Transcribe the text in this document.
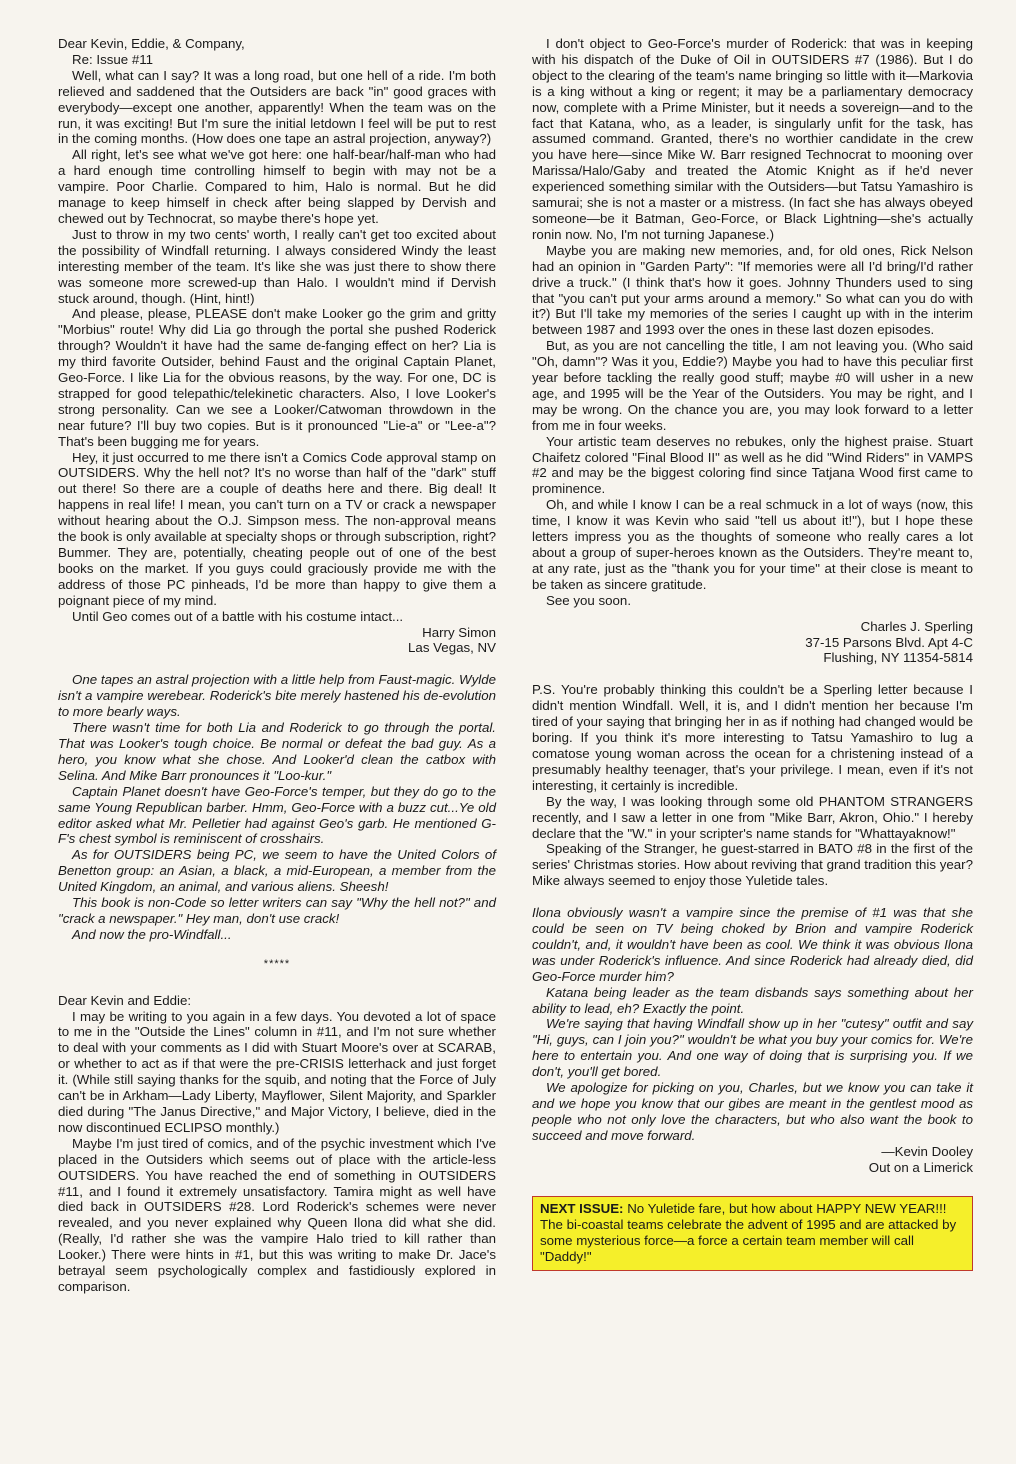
Dear Kevin, Eddie, & Company,

Re: Issue #11

Well, what can I say? It was a long road, but one hell of a ride. I'm both relieved and saddened that the Outsiders are back "in" good graces with everybody—except one another, apparently! When the team was on the run, it was exciting! But I'm sure the initial letdown I feel will be put to rest in the coming months. (How does one tape an astral projection, anyway?)

All right, let's see what we've got here: one half-bear/half-man who had a hard enough time controlling himself to begin with may not be a vampire. Poor Charlie. Compared to him, Halo is normal. But he did manage to keep himself in check after being slapped by Dervish and chewed out by Technocrat, so maybe there's hope yet.

Just to throw in my two cents' worth, I really can't get too excited about the possibility of Windfall returning. I always considered Windy the least interesting member of the team. It's like she was just there to show there was someone more screwed-up than Halo. I wouldn't mind if Dervish stuck around, though. (Hint, hint!)

And please, please, PLEASE don't make Looker go the grim and gritty "Morbius" route! Why did Lia go through the portal she pushed Roderick through? Wouldn't it have had the same de-fanging effect on her? Lia is my third favorite Outsider, behind Faust and the original Captain Planet, Geo-Force. I like Lia for the obvious reasons, by the way. For one, DC is strapped for good telepathic/telekinetic characters. Also, I love Looker's strong personality. Can we see a Looker/Catwoman throwdown in the near future? I'll buy two copies. But is it pronounced "Lie-a" or "Lee-a"? That's been bugging me for years.

Hey, it just occurred to me there isn't a Comics Code approval stamp on OUTSIDERS. Why the hell not? It's no worse than half of the "dark" stuff out there! So there are a couple of deaths here and there. Big deal! It happens in real life! I mean, you can't turn on a TV or crack a newspaper without hearing about the O.J. Simpson mess. The non-approval means the book is only available at specialty shops or through subscription, right? Bummer. They are, potentially, cheating people out of one of the best books on the market. If you guys could graciously provide me with the address of those PC pinheads, I'd be more than happy to give them a poignant piece of my mind.

Until Geo comes out of a battle with his costume intact...

Harry Simon

Las Vegas, NV

One tapes an astral projection with a little help from Faust-magic. Wylde isn't a vampire werebear. Roderick's bite merely hastened his de-evolution to more bearly ways.

There wasn't time for both Lia and Roderick to go through the portal. That was Looker's tough choice. Be normal or defeat the bad guy. As a hero, you know what she chose. And Looker'd clean the catbox with Selina. And Mike Barr pronounces it "Loo-kur."

Captain Planet doesn't have Geo-Force's temper, but they do go to the same Young Republican barber. Hmm, Geo-Force with a buzz cut...Ye old editor asked what Mr. Pelletier had against Geo's garb. He mentioned G-F's chest symbol is reminiscent of crosshairs.

As for OUTSIDERS being PC, we seem to have the United Colors of Benetton group: an Asian, a black, a mid-European, a member from the United Kingdom, an animal, and various aliens. Sheesh!

This book is non-Code so letter writers can say "Why the hell not?" and "crack a newspaper." Hey man, don't use crack!

And now the pro-Windfall...

*****

Dear Kevin and Eddie:

I may be writing to you again in a few days. You devoted a lot of space to me in the "Outside the Lines" column in #11, and I'm not sure whether to deal with your comments as I did with Stuart Moore's over at SCARAB, or whether to act as if that were the pre-CRISIS letterhack and just forget it. (While still saying thanks for the squib, and noting that the Force of July can't be in Arkham—Lady Liberty, Mayflower, Silent Majority, and Sparkler died during "The Janus Directive," and Major Victory, I believe, died in the now discontinued ECLIPSO monthly.)

Maybe I'm just tired of comics, and of the psychic investment which I've placed in the Outsiders which seems out of place with the article-less OUTSIDERS. You have reached the end of something in OUTSIDERS #11, and I found it extremely unsatisfactory. Tamira might as well have died back in OUTSIDERS #28. Lord Roderick's schemes were never revealed, and you never explained why Queen Ilona did what she did. (Really, I'd rather she was the vampire Halo tried to kill rather than Looker.) There were hints in #1, but this was writing to make Dr. Jace's betrayal seem psychologically complex and fastidiously explored in comparison.

I don't object to Geo-Force's murder of Roderick: that was in keeping with his dispatch of the Duke of Oil in OUTSIDERS #7 (1986). But I do object to the clearing of the team's name bringing so little with it—Markovia is a king without a king or regent; it may be a parliamentary democracy now, complete with a Prime Minister, but it needs a sovereign—and to the fact that Katana, who, as a leader, is singularly unfit for the task, has assumed command. Granted, there's no worthier candidate in the crew you have here—since Mike W. Barr resigned Technocrat to mooning over Marissa/Halo/Gaby and treated the Atomic Knight as if he'd never experienced something similar with the Outsiders—but Tatsu Yamashiro is samurai; she is not a master or a mistress. (In fact she has always obeyed someone—be it Batman, Geo-Force, or Black Lightning—she's actually ronin now. No, I'm not turning Japanese.)

Maybe you are making new memories, and, for old ones, Rick Nelson had an opinion in "Garden Party": "If memories were all I'd bring/I'd rather drive a truck." (I think that's how it goes. Johnny Thunders used to sing that "you can't put your arms around a memory." So what can you do with it?) But I'll take my memories of the series I caught up with in the interim between 1987 and 1993 over the ones in these last dozen episodes.

But, as you are not cancelling the title, I am not leaving you. (Who said "Oh, damn"? Was it you, Eddie?) Maybe you had to have this peculiar first year before tackling the really good stuff; maybe #0 will usher in a new age, and 1995 will be the Year of the Outsiders. You may be right, and I may be wrong. On the chance you are, you may look forward to a letter from me in four weeks.

Your artistic team deserves no rebukes, only the highest praise. Stuart Chaifetz colored "Final Blood II" as well as he did "Wind Riders" in VAMPS #2 and may be the biggest coloring find since Tatjana Wood first came to prominence.

Oh, and while I know I can be a real schmuck in a lot of ways (now, this time, I know it was Kevin who said "tell us about it!"), but I hope these letters impress you as the thoughts of someone who really cares a lot about a group of super-heroes known as the Outsiders. They're meant to, at any rate, just as the "thank you for your time" at their close is meant to be taken as sincere gratitude.

See you soon.

Charles J. Sperling

37-15 Parsons Blvd. Apt 4-C

Flushing, NY 11354-5814

P.S. You're probably thinking this couldn't be a Sperling letter because I didn't mention Windfall. Well, it is, and I didn't mention her because I'm tired of your saying that bringing her in as if nothing had changed would be boring. If you think it's more interesting to Tatsu Yamashiro to lug a comatose young woman across the ocean for a christening instead of a presumably healthy teenager, that's your privilege. I mean, even if it's not interesting, it certainly is incredible.

By the way, I was looking through some old PHANTOM STRANGERS recently, and I saw a letter in one from "Mike Barr, Akron, Ohio." I hereby declare that the "W." in your scripter's name stands for "Whattayaknow!"

Speaking of the Stranger, he guest-starred in BATO #8 in the first of the series' Christmas stories. How about reviving that grand tradition this year? Mike always seemed to enjoy those Yuletide tales.

Ilona obviously wasn't a vampire since the premise of #1 was that she could be seen on TV being choked by Brion and vampire Roderick couldn't, and, it wouldn't have been as cool. We think it was obvious Ilona was under Roderick's influence. And since Roderick had already died, did Geo-Force murder him?

Katana being leader as the team disbands says something about her ability to lead, eh? Exactly the point.

We're saying that having Windfall show up in her "cutesy" outfit and say "Hi, guys, can I join you?" wouldn't be what you buy your comics for. We're here to entertain you. And one way of doing that is surprising you. If we don't, you'll get bored.

We apologize for picking on you, Charles, but we know you can take it and we hope you know that our gibes are meant in the gentlest mood as people who not only love the characters, but who also want the book to succeed and move forward.

—Kevin Dooley

Out on a Limerick

NEXT ISSUE: No Yuletide fare, but how about HAPPY NEW YEAR!!! The bi-coastal teams celebrate the advent of 1995 and are attacked by some mysterious force—a force a certain team member will call "Daddy!"
